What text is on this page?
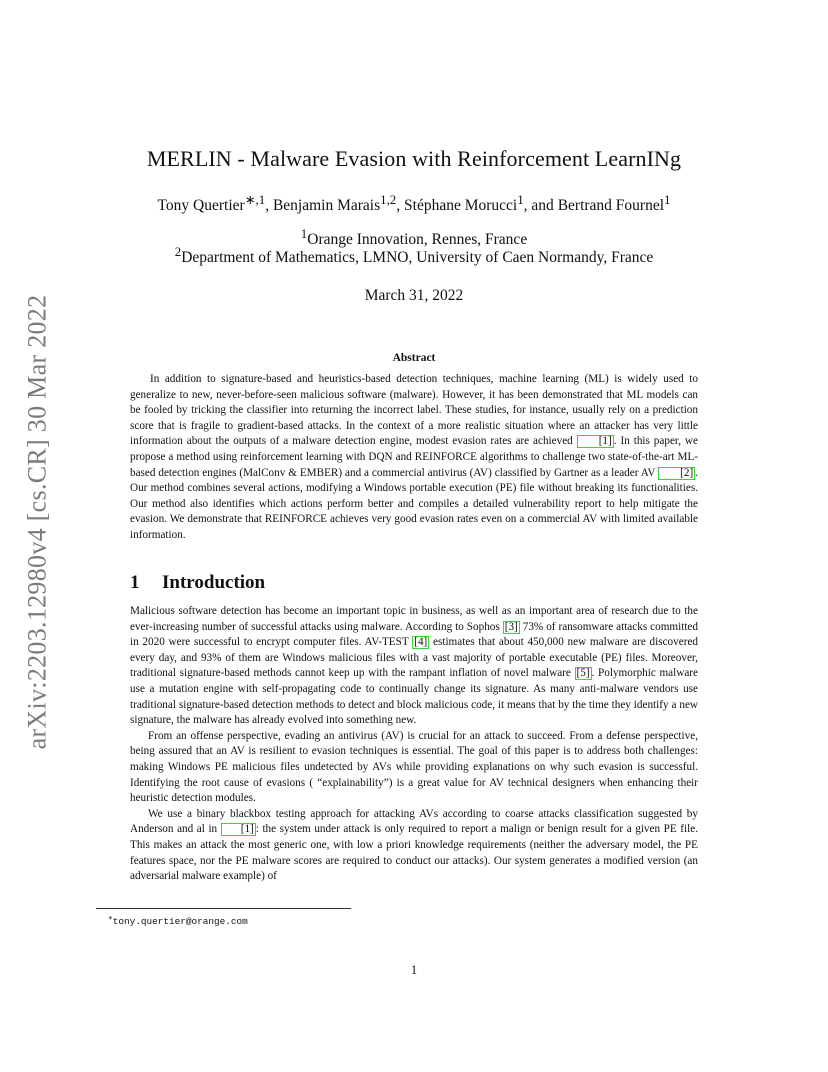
arXiv:2203.12980v4 [cs.CR] 30 Mar 2022
MERLIN - Malware Evasion with Reinforcement LearnINg
Tony Quertier$^{∗,1}$, Benjamin Marais$^{1,2}$, Stéphane Morucci$^1$, and Bertrand Fournel$^1$
$^1$Orange Innovation, Rennes, France
$^2$Department of Mathematics, LMNO, University of Caen Normandy, France
March 31, 2022
Abstract

In addition to signature-based and heuristics-based detection techniques, machine learning (ML) is widely used to generalize to new, never-before-seen malicious software (malware). However, it has been demonstrated that ML models can be fooled by tricking the classifier into returning the incorrect label. These studies, for instance, usually rely on a prediction score that is fragile to gradient-based attacks. In the context of a more realistic situation where an attacker has very little information about the outputs of a malware detection engine, modest evasion rates are achieved [1] . In this paper, we propose a method using reinforcement learning with DQN and REINFORCE algorithms to challenge two state-of-the-art ML-based detection engines (MalConv & EMBER) and a commercial antivirus (AV) classified by Gartner as a leader AV [2] . Our method combines several actions, modifying a Windows portable execution (PE) file without breaking its functionalities. Our method also identifies which actions perform better and compiles a detailed vulnerability report to help mitigate the evasion. We demonstrate that REINFORCE achieves very good evasion rates even on a commercial AV with limited available information.

1 Introduction

Malicious software detection has become an important topic in business, as well as an important area of research due to the ever-increasing number of successful attacks using malware. According to Sophos [3] 73% of ransomware attacks committed in 2020 were successful to encrypt computer files. AV-TEST [4] estimates that about 450,000 new malware are discovered every day, and 93% of them are Windows malicious files with a vast majority of portable executable (PE) files. Moreover, traditional signature-based methods cannot keep up with the rampant inflation of novel malware [5] . Polymorphic malware use a mutation engine with self-propagating code to continually change its signature. As many anti-malware vendors use traditional signature-based detection methods to detect and block malicious code, it means that by the time they identify a new signature, the malware has already evolved into something new.

From an offense perspective, evading an antivirus (AV) is crucial for an attack to succeed. From a defense perspective, being assured that an AV is resilient to evasion techniques is essential. The goal of this paper is to address both challenges: making Windows PE malicious files undetected by AVs while providing explanations on why such evasion is successful. Identifying the root cause of evasions ( “explainability”) is a great value for AV technical designers when enhancing their heuristic detection modules.

We use a binary blackbox testing approach for attacking AVs according to coarse attacks classification suggested by Anderson and al in [1] : the system under attack is only required to report a malign or benign result for a given PE file. This makes an attack the most generic one, with low a priori knowledge requirements (neither the adversary model, the PE features space, nor the PE malware scores are required to conduct our attacks). Our system generates a modified version (an adversarial malware example) of

∗tony.quertier@orange.com
1
